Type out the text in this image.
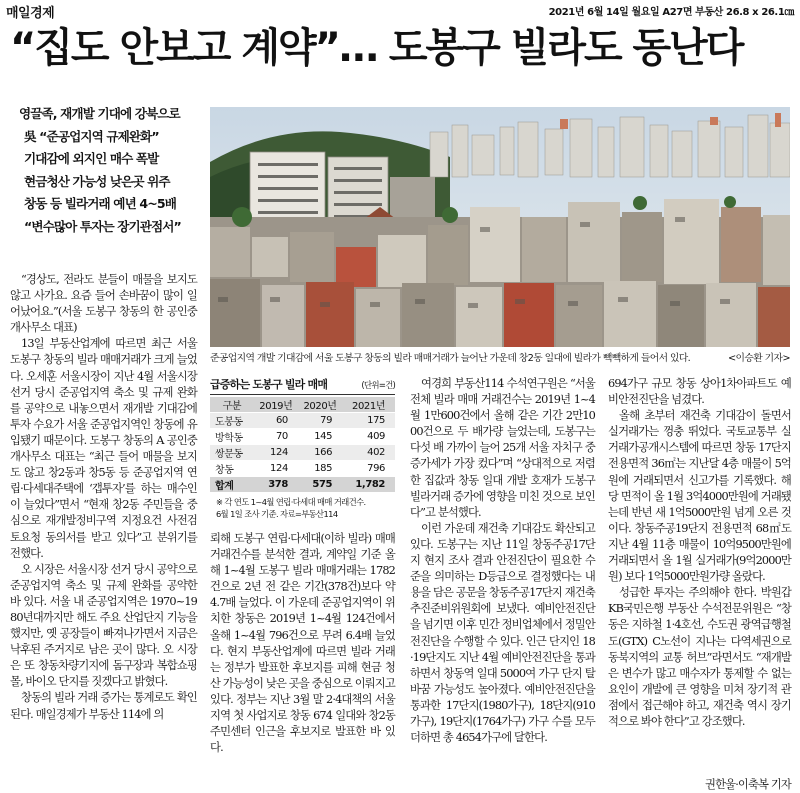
매일경제	2021년 6월 14일 월요일 A27면 부동산 26.8 x 26.1㎝
“집도 안보고 계약”… 도봉구 빌라도 동난다
영끌족, 재개발 기대에 강북으로
吳 “준공업지역 규제완화”
기대감에 외지인 매수 폭발
현금청산 가능성 낮은곳 위주
창동 등 빌라거래 예년 4~5배
“변수많아 투자는 장기관점서”
준공업지역 개발 기대감에 서울 도봉구 창동의 빌라 매매거래가 늘어난 가운데 창2동 일대에 빌라가 빽빽하게 들어서 있다.	<이승환 기자>

“경상도, 전라도 분들이 매물을 보지도 않고 사가요. 요즘 들어 손바꿈이 많이 일어났어요.”(서울 도봉구 창동의 한 공인중개사무소 대표)

13일 부동산업계에 따르면 최근 서울 도봉구 창동의 빌라 매매거래가 크게 늘었다. 오세훈 서울시장이 지난 4월 서울시장 선거 당시 준공업지역 축소 및 규제 완화를 공약으로 내놓으면서 재개발 기대감에 투자 수요가 서울 준공업지역인 창동에 유입됐기 때문이다. 도봉구 창동의 A 공인중개사무소 대표는 “최근 들어 매물을 보지도 않고 창2동과 창5동 등 준공업지역 연립·다세대주택에 ‘갭투자’를 하는 매수인이 늘었다”면서 “현재 창2동 주민들을 중심으로 재개발정비구역 지정요건 사전검토요청 동의서를 받고 있다”고 분위기를 전했다.

오 시장은 서울시장 선거 당시 공약으로 준공업지역 축소 및 규제 완화를 공약한 바 있다. 서울 내 준공업지역은 1970~1980년대까지만 해도 주요 산업단지 기능을 했지만, 옛 공장들이 빠져나가면서 지금은 낙후된 주거지로 남은 곳이 많다. 오 시장은 또 창동차량기지에 돔구장과 복합쇼핑몰, 바이오 단지를 짓겠다고 밝혔다.

창동의 빌라 거래 증가는 통계로도 확인된다. 매일경제가 부동산 114에 의

급증하는 도봉구 빌라 매매	(단위=건)
구분	2019년	2020년	2021년
도봉동	60	79	175
방학동	70	145	409
쌍문동	124	166	402
창동	124	185	796
합계	378	575	1,782
※ 각 연도 1~4월 연립·다세대 매매 거래건수.
6월 1일 조사 기준. 자료=부동산114

뢰해 도봉구 연립·다세대(이하 빌라) 매매 거래건수를 분석한 결과, 계약일 기준 올해 1~4월 도봉구 빌라 매매거래는 1782건으로 2년 전 같은 기간(378건)보다 약 4.7배 늘었다. 이 가운데 준공업지역이 위치한 창동은 2019년 1~4월 124건에서 올해 1~4월 796건으로 무려 6.4배 늘었다. 현지 부동산업계에 따르면 빌라 거래는 정부가 발표한 후보지를 피해 현금 청산 가능성이 낮은 곳을 중심으로 이뤄지고 있다. 정부는 지난 3월 말 2·4대책의 서울지역 첫 사업지로 창동 674 일대와 창2동 주민센터 인근을 후보지로 발표한 바 있다.

여경희 부동산114 수석연구원은 “서울 전체 빌라 매매 거래건수는 2019년 1~4월 1만600건에서 올해 같은 기간 2만1000건으로 두 배가량 늘었는데, 도봉구는 다섯 배 가까이 늘어 25개 서울 자치구 중 증가세가 가장 컸다”며 “상대적으로 저렴한 집값과 창동 일대 개발 호재가 도봉구 빌라거래 증가에 영향을 미친 것으로 보인다”고 분석했다.

이런 가운데 재건축 기대감도 확산되고 있다. 도봉구는 지난 11일 창동주공17단지 현지 조사 결과 안전진단이 필요한 수준을 의미하는 D등급으로 결정했다는 내용을 담은 공문을 창동주공17단지 재건축추진준비위원회에 보냈다. 예비안전진단을 넘기면 이후 민간 정비업체에서 정밀안전진단을 수행할 수 있다. 인근 단지인 18·19단지도 지난 4월 예비안전진단을 통과하면서 창동역 일대 5000여 가구 단지 탈바꿈 가능성도 높아졌다. 예비안전진단을 통과한 17단지(1980가구), 18단지(910가구), 19단지(1764가구) 가구 수를 모두 더하면 총 4654가구에 달한다.

694가구 규모 창동 상아1차아파트도 예비안전진단을 넘겼다.

올해 초부터 재건축 기대감이 돌면서 실거래가는 껑충 뛰었다. 국토교통부 실거래가공개시스템에 따르면 창동 17단지 전용면적 36㎡는 지난달 4층 매물이 5억원에 거래되면서 신고가를 기록했다. 해당 면적이 올 1월 3억4000만원에 거래됐는데 반년 새 1억5000만원 넘게 오른 것이다. 창동주공19단지 전용면적 68㎡도 지난 4월 11층 매물이 10억9500만원에 거래되면서 올 1월 실거래가(9억2000만원) 보다 1억5000만원가량 올랐다.

성급한 투자는 주의해야 한다. 박원갑 KB국민은행 부동산 수석전문위원은 “창동은 지하철 1·4호선, 수도권 광역급행철도(GTX) C노선이 지나는 다역세권으로 동북지역의 교통 허브”라면서도 “재개발은 변수가 많고 매수자가 통제할 수 없는 요인이 개발에 큰 영향을 미쳐 장기적 관점에서 접근해야 하고, 재건축 역시 장기적으로 봐야 한다”고 강조했다.

권한울·이축복 기자
